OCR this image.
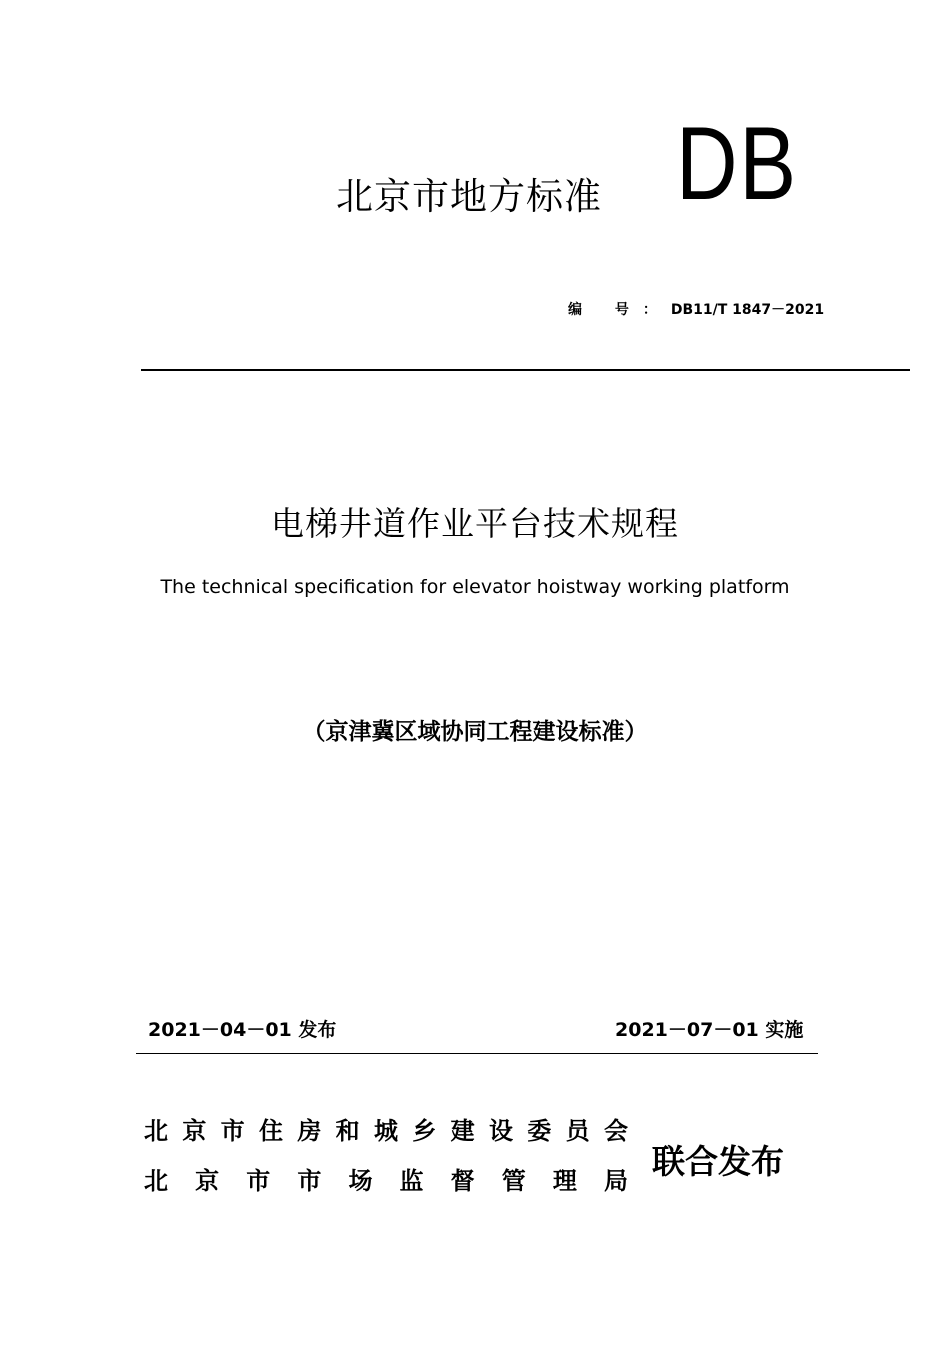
北京市地方标准 DB
编 号：DB11/T 1847－2021
电梯井道作业平台技术规程
The technical specification for elevator hoistway working platform
（京津冀区域协同工程建设标准）
2021－04－01 发布	2021－07－01 实施
北 京 市 住 房 和 城 乡 建 设 委 员 会
北 京 市 市 场 监 督 管 理 局 联合发布
